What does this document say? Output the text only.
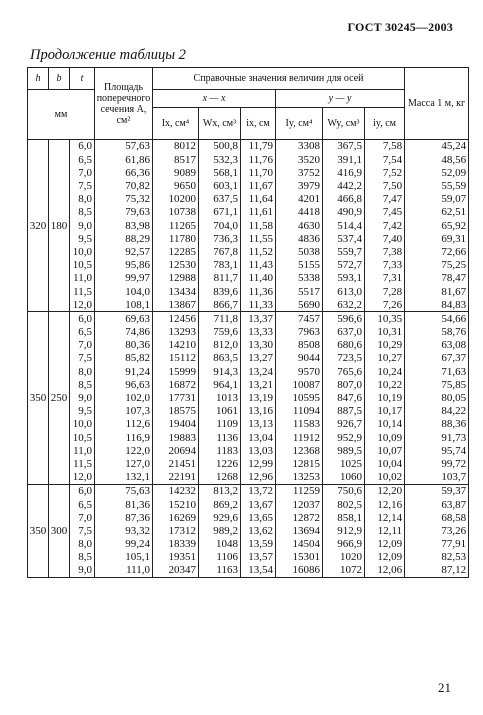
ГОСТ 30245—2003
Продолжение таблицы 2
h	b	t	Площадь поперечного сечения A, см²	Справочные значения величин для осей						Масса 1 м, кг
мм				x — x			y — y			
				Ix, см⁴	Wx, см³	ix, см	Iy, см⁴	Wy, см³	iy, см	
320	180	6,0	57,63	8012	500,8	11,79	3308	367,5	7,58	45,24
		6,5	61,86	8517	532,3	11,76	3520	391,1	7,54	48,56
		7,0	66,36	9089	568,1	11,70	3752	416,9	7,52	52,09
		7,5	70,82	9650	603,1	11,67	3979	442,2	7,50	55,59
		8,0	75,32	10200	637,5	11,64	4201	466,8	7,47	59,07
		8,5	79,63	10738	671,1	11,61	4418	490,9	7,45	62,51
		9,0	83,98	11265	704,0	11,58	4630	514,4	7,42	65,92
		9,5	88,29	11780	736,3	11,55	4836	537,4	7,40	69,31
		10,0	92,57	12285	767,8	11,52	5038	559,7	7,38	72,66
		10,5	95,86	12530	783,1	11,43	5155	572,7	7,33	75,25
		11,0	99,97	12988	811,7	11,40	5338	593,1	7,31	78,47
		11,5	104,0	13434	839,6	11,36	5517	613,0	7,28	81,67
		12,0	108,1	13867	866,7	11,33	5690	632,2	7,26	84,83
350	250	6,0	69,63	12456	711,8	13,37	7457	596,6	10,35	54,66
		6,5	74,86	13293	759,6	13,33	7963	637,0	10,31	58,76
		7,0	80,36	14210	812,0	13,30	8508	680,6	10,29	63,08
		7,5	85,82	15112	863,5	13,27	9044	723,5	10,27	67,37
		8,0	91,24	15999	914,3	13,24	9570	765,6	10,24	71,63
		8,5	96,63	16872	964,1	13,21	10087	807,0	10,22	75,85
		9,0	102,0	17731	1013	13,19	10595	847,6	10,19	80,05
		9,5	107,3	18575	1061	13,16	11094	887,5	10,17	84,22
		10,0	112,6	19404	1109	13,13	11583	926,7	10,14	88,36
		10,5	116,9	19883	1136	13,04	11912	952,9	10,09	91,73
		11,0	122,0	20694	1183	13,03	12368	989,5	10,07	95,74
		11,5	127,0	21451	1226	12,99	12815	1025	10,04	99,72
		12,0	132,1	22191	1268	12,96	13253	1060	10,02	103,7
350	300	6,0	75,63	14232	813,2	13,72	11259	750,6	12,20	59,37
		6,5	81,36	15210	869,2	13,67	12037	802,5	12,16	63,87
		7,0	87,36	16269	929,6	13,65	12872	858,1	12,14	68,58
		7,5	93,32	17312	989,2	13,62	13694	912,9	12,11	73,26
		8,0	99,24	18339	1048	13,59	14504	966,9	12,09	77,91
		8,5	105,1	19351	1106	13,57	15301	1020	12,09	82,53
		9,0	111,0	20347	1163	13,54	16086	1072	12,06	87,12
21
